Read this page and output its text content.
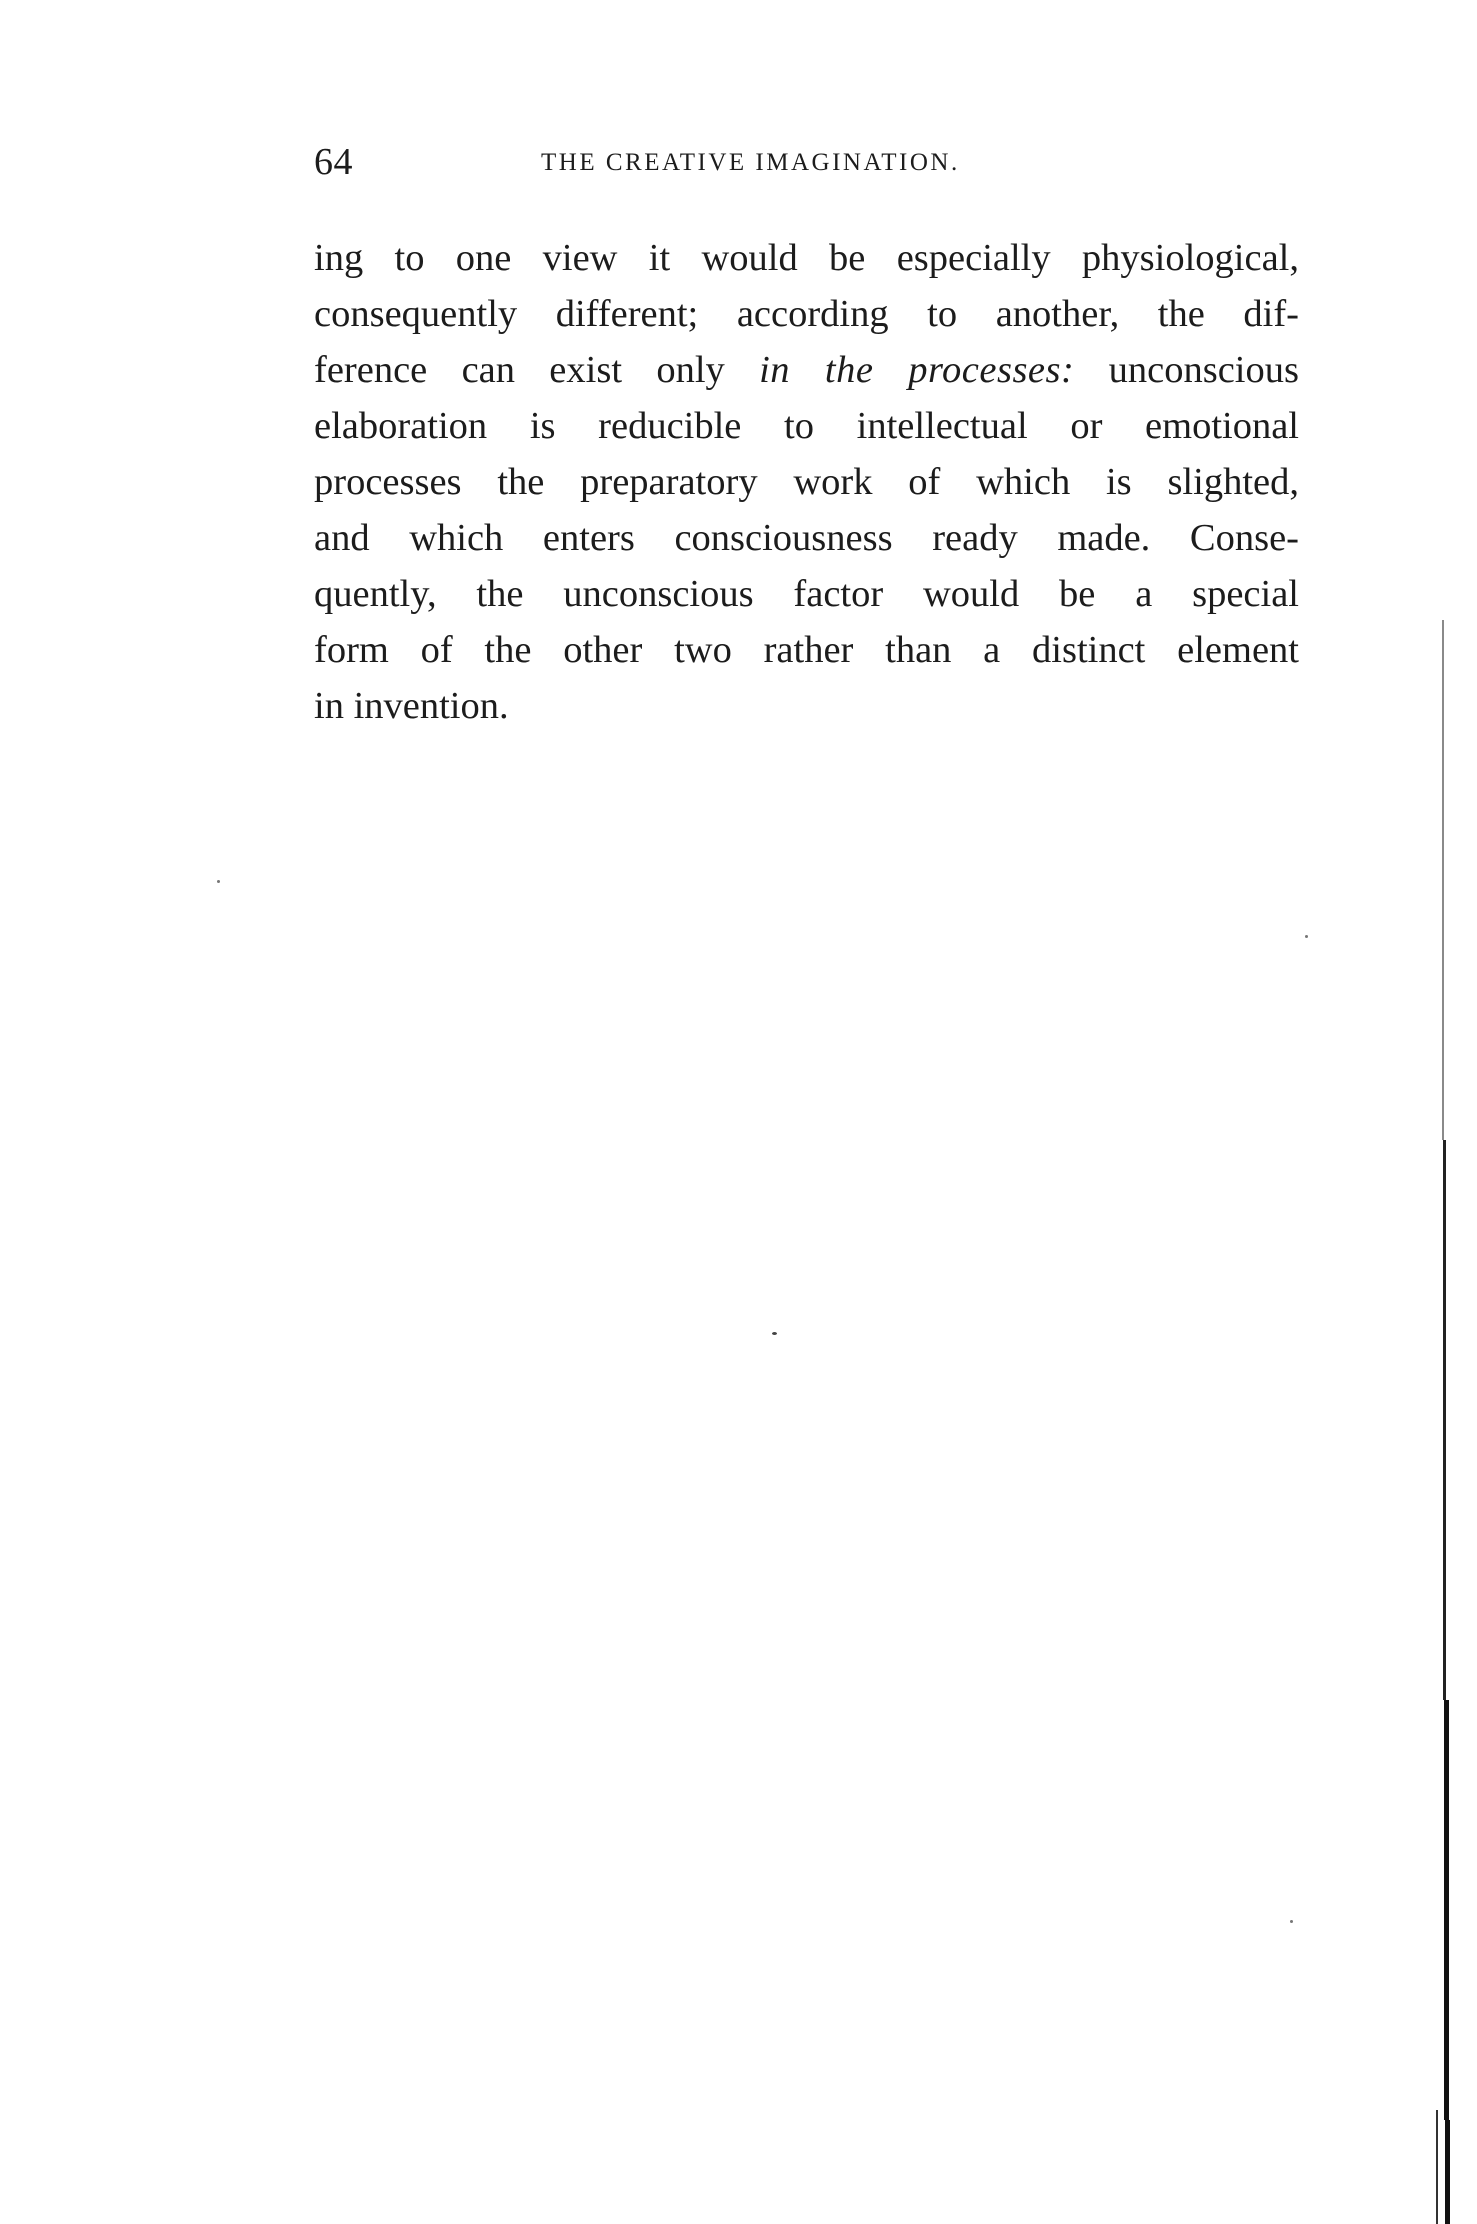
64	THE CREATIVE IMAGINATION.
ing to one view it would be especially physiological,
consequently different; according to another, the dif-
ference can exist only in the processes: unconscious
elaboration is reducible to intellectual or emotional
processes the preparatory work of which is slighted,
and which enters consciousness ready made. Conse-
quently, the unconscious factor would be a special
form of the other two rather than a distinct element
in invention.
